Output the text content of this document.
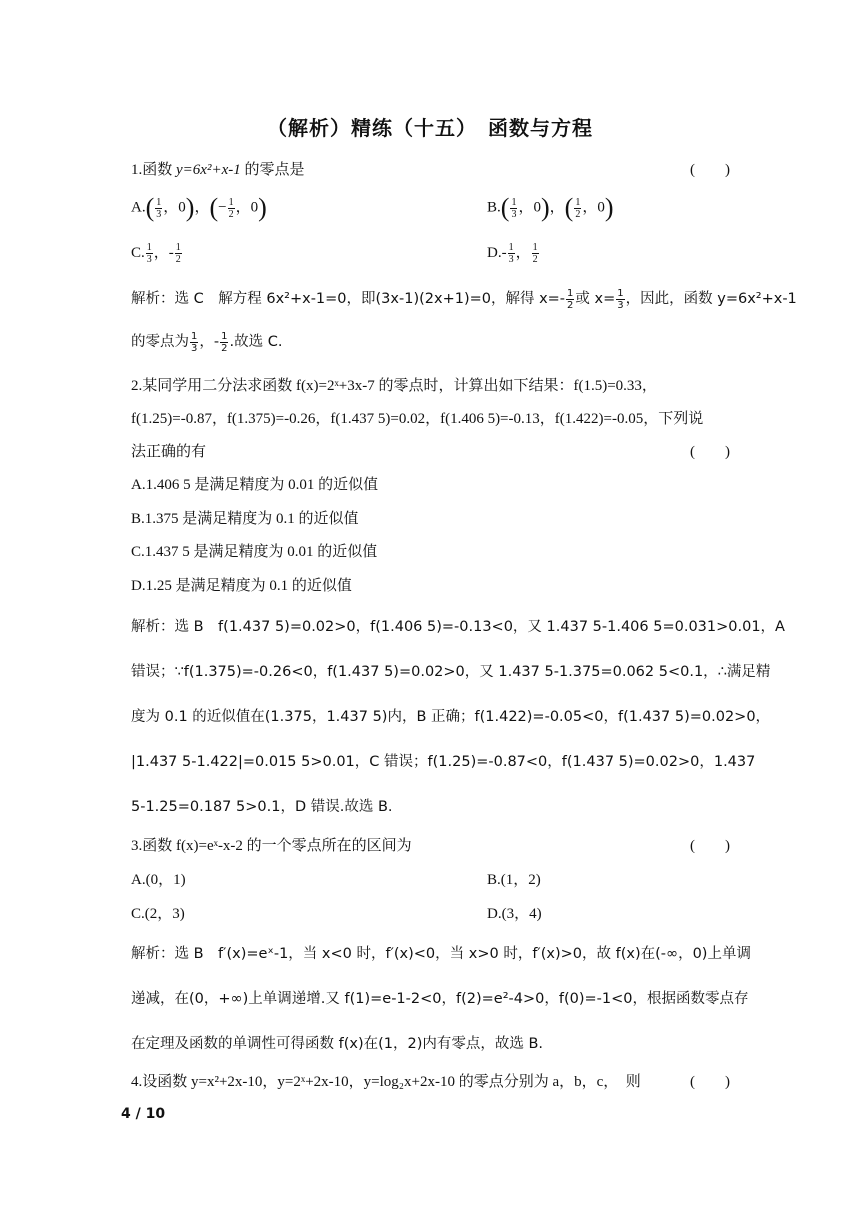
（解析）精练（十五）　函数与方程
1.函数 y=6x²+x-1 的零点是	(　　)
$A.( \frac{1}{3}$ ，0)，(− $\frac{1}{2}$ ，0)	$B.( \frac{1}{3}$ ，0)，( $\frac{1}{2}$ ，0)
C. $\frac{1}{3}$ ，- $\frac{1}{2}$	$D.- \frac{1}{3}$ ， $\frac{1}{2}$
解析：选 C　解方程 6x²+x-1=0，即(3x-1)(2x+1)=0，解得 $x=- \frac{1}{2}$ 或 $x= \frac{1}{3}$ ，因此，函数 y=6x²+x-1
的零点为 $\frac{1}{3}$ ，- $\frac{1}{2}$ .故选 C.
2.某同学用二分法求函数 f(x)=2ˣ+3x-7 的零点时，计算出如下结果：f(1.5)=0.33，
f(1.25)=-0.87，f(1.375)=-0.26，f(1.437 5)=0.02，f(1.406 5)=-0.13，f(1.422)=-0.05，下列说
法正确的有	(　　)
A.1.406 5 是满足精度为 0.01 的近似值
B.1.375 是满足精度为 0.1 的近似值
C.1.437 5 是满足精度为 0.01 的近似值
D.1.25 是满足精度为 0.1 的近似值
解析：选 B　f(1.437 5)=0.02>0，f(1.406 5)=-0.13<0，又 1.437 5-1.406 5=0.031>0.01，A
错误；∵f(1.375)=-0.26<0，f(1.437 5)=0.02>0，又 1.437 5-1.375=0.062 5<0.1，∴满足精
度为 0.1 的近似值在(1.375，1.437 5)内，B 正确；f(1.422)=-0.05<0，f(1.437 5)=0.02>0，
|1.437 5-1.422|=0.015 5>0.01，C 错误；f(1.25)=-0.87<0，f(1.437 5)=0.02>0，1.437
5-1.25=0.187 5>0.1，D 错误.故选 B.
3.函数 f(x)=eˣ-x-2 的一个零点所在的区间为	(　　)
A.(0，1)	B.(1，2)
C.(2，3)	D.(3，4)
解析：选 B　f′(x)=eˣ-1，当 x<0 时，f′(x)<0，当 x>0 时，f′(x)>0，故 f(x)在(-∞，0)上单调
递减，在(0，+∞)上单调递增.又 f(1)=e-1-2<0，f(2)=e²-4>0，f(0)=-1<0，根据函数零点存
在定理及函数的单调性可得函数 f(x)在(1，2)内有零点，故选 B.
4.设函数 y=x²+2x-10，y=2ˣ+2x-10，y=log₂x+2x-10 的零点分别为 a，b，c，　则	(　　)
4 / 10
